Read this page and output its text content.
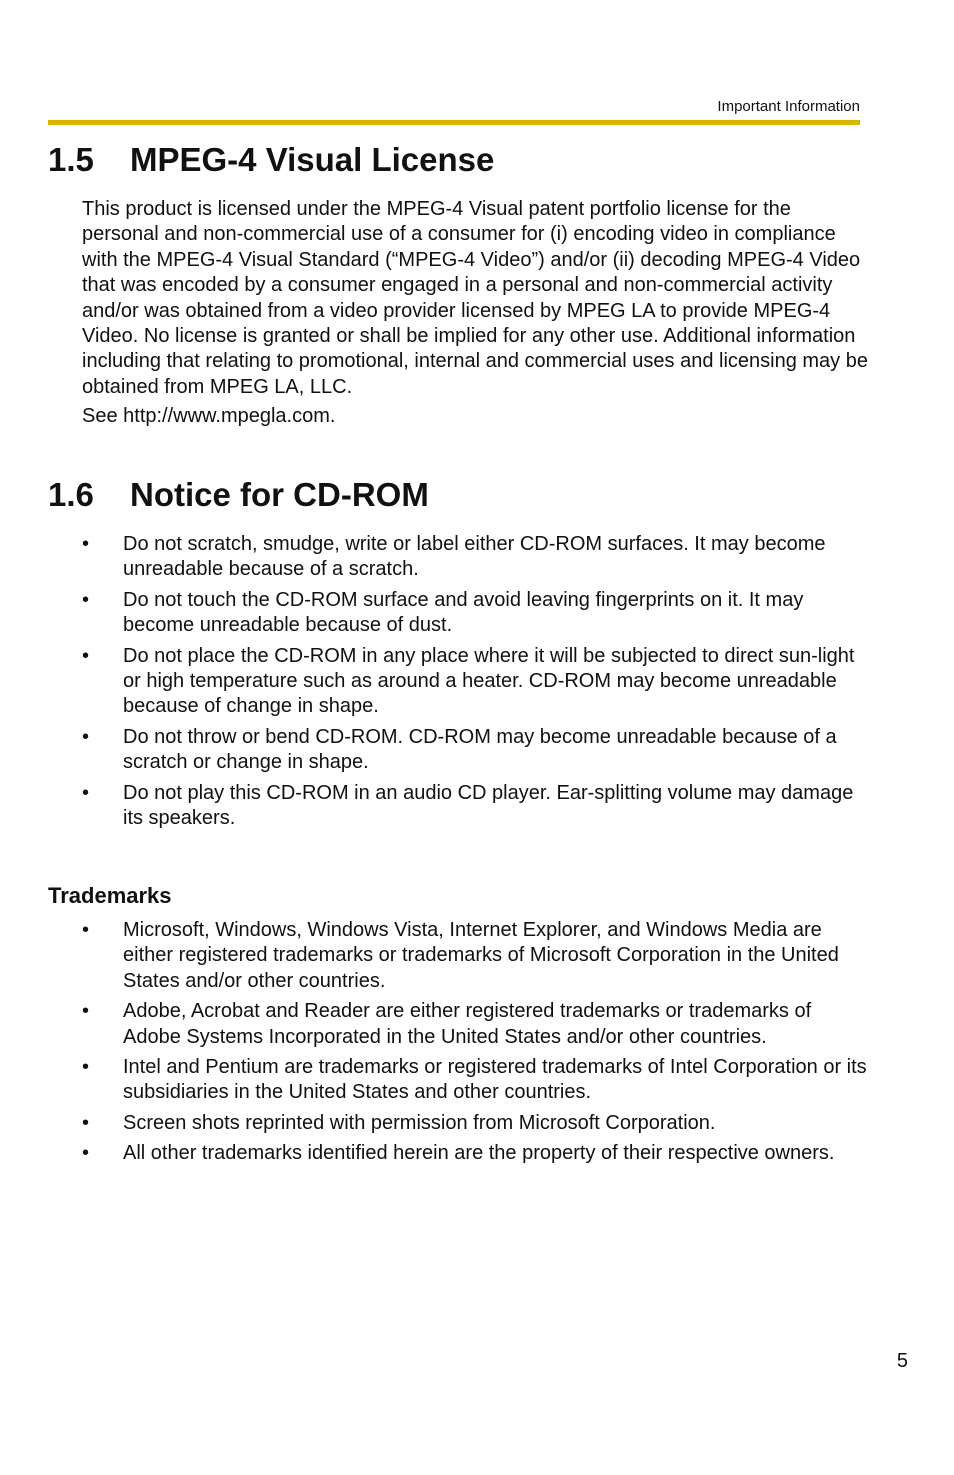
Important Information
1.5 MPEG-4 Visual License

This product is licensed under the MPEG-4 Visual patent portfolio license for the personal and non-commercial use of a consumer for (i) encoding video in compliance with the MPEG-4 Visual Standard (“MPEG-4 Video”) and/or (ii) decoding MPEG-4 Video that was encoded by a consumer engaged in a personal and non-commercial activity and/or was obtained from a video provider licensed by MPEG LA to provide MPEG-4 Video. No license is granted or shall be implied for any other use. Additional information including that relating to promotional, internal and commercial uses and licensing may be obtained from MPEG LA, LLC.

See http://www.mpegla.com.

1.6 Notice for CD-ROM
• Do not scratch, smudge, write or label either CD-ROM surfaces. It may become unreadable because of a scratch.
• Do not touch the CD-ROM surface and avoid leaving fingerprints on it. It may become unreadable because of dust.
• Do not place the CD-ROM in any place where it will be subjected to direct sun-light or high temperature such as around a heater. CD-ROM may become unreadable because of change in shape.
• Do not throw or bend CD-ROM. CD-ROM may become unreadable because of a scratch or change in shape.
• Do not play this CD-ROM in an audio CD player. Ear-splitting volume may damage its speakers.
Trademarks
• Microsoft, Windows, Windows Vista, Internet Explorer, and Windows Media are either registered trademarks or trademarks of Microsoft Corporation in the United States and/or other countries.
• Adobe, Acrobat and Reader are either registered trademarks or trademarks of Adobe Systems Incorporated in the United States and/or other countries.
• Intel and Pentium are trademarks or registered trademarks of Intel Corporation or its subsidiaries in the United States and other countries.
• Screen shots reprinted with permission from Microsoft Corporation.
• All other trademarks identified herein are the property of their respective owners.
5
